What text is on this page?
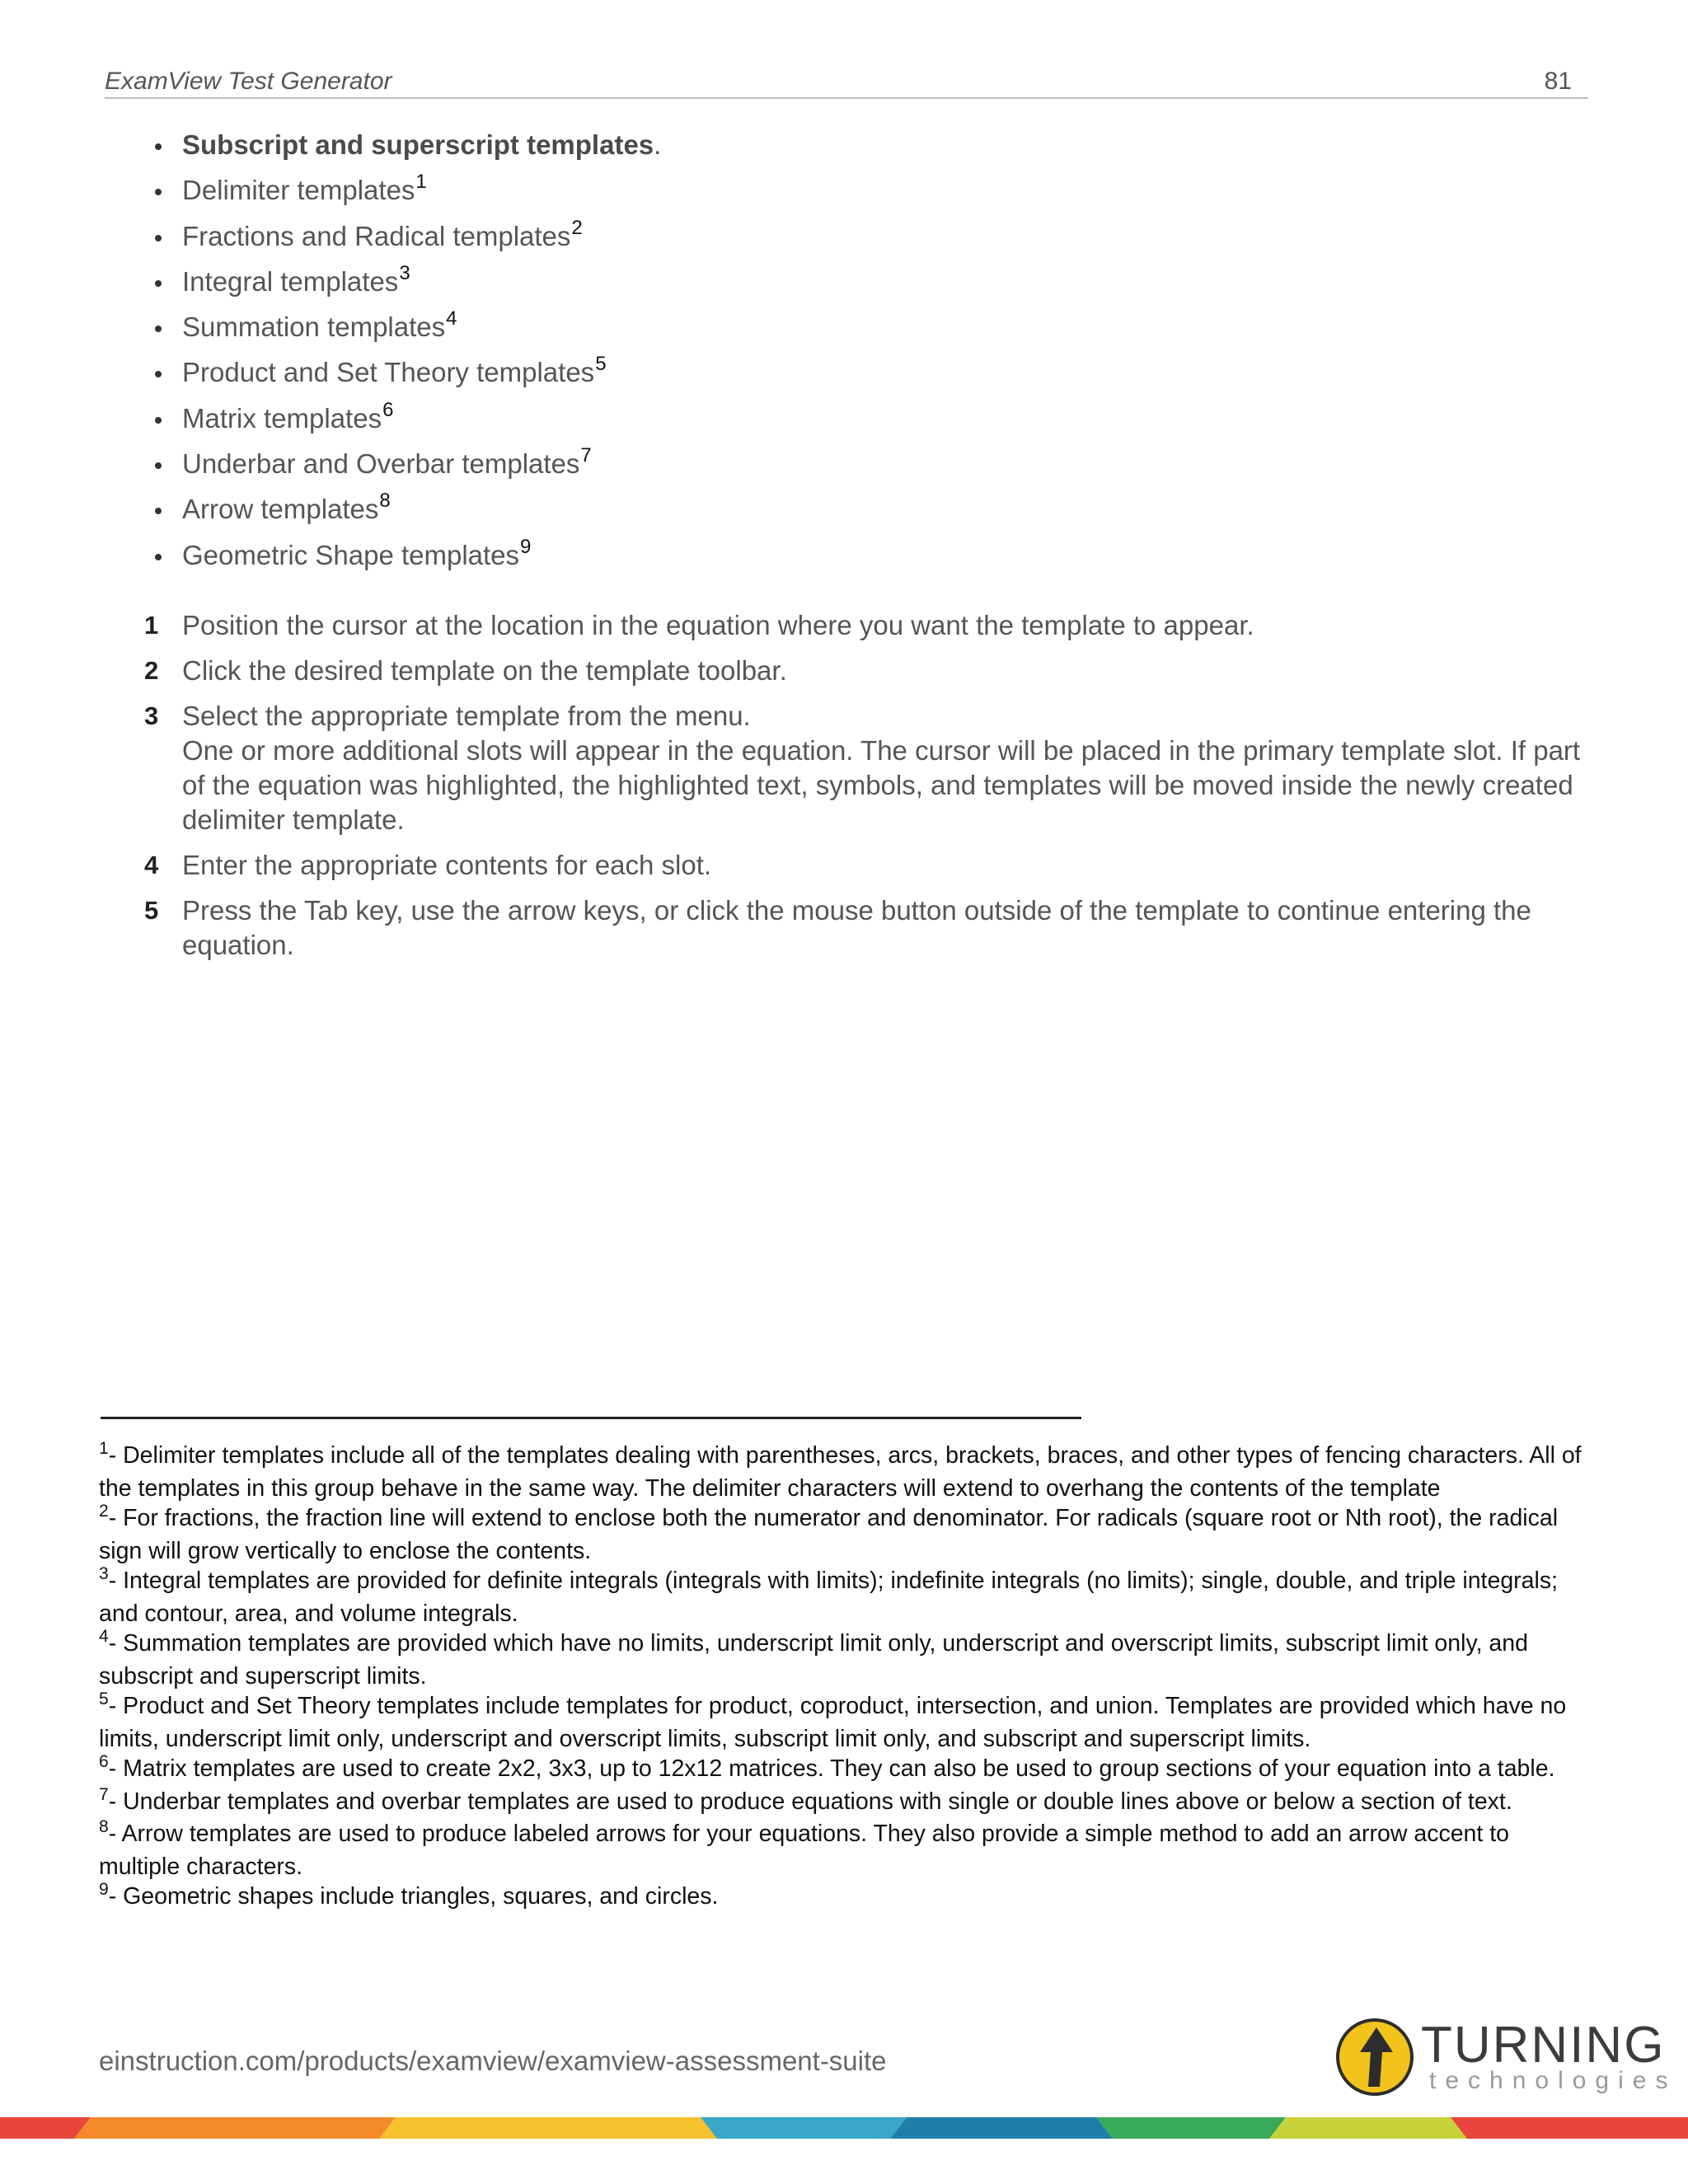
ExamView Test Generator	81
Subscript and superscript templates.
Delimiter templates$^1$
Fractions and Radical templates$^2$
Integral templates$^3$
Summation templates$^4$
Product and Set Theory templates$^5$
Matrix templates$^6$
Underbar and Overbar templates$^7$
Arrow templates$^8$
Geometric Shape templates$^9$
1 Position the cursor at the location in the equation where you want the template to appear.
2 Click the desired template on the template toolbar.
3 Select the appropriate template from the menu.
One or more additional slots will appear in the equation. The cursor will be placed in the primary template slot. If part of the equation was highlighted, the highlighted text, symbols, and templates will be moved inside the newly created delimiter template.
4 Enter the appropriate contents for each slot.
5 Press the Tab key, use the arrow keys, or click the mouse button outside of the template to continue entering the equation.
$^1$- Delimiter templates include all of the templates dealing with parentheses, arcs, brackets, braces, and other types of fencing characters. All of the templates in this group behave in the same way. The delimiter characters will extend to overhang the contents of the template
$^2$- For fractions, the fraction line will extend to enclose both the numerator and denominator. For radicals (square root or Nth root), the radical sign will grow vertically to enclose the contents.
$^3$- Integral templates are provided for definite integrals (integrals with limits); indefinite integrals (no limits); single, double, and triple integrals; and contour, area, and volume integrals.
$^4$- Summation templates are provided which have no limits, underscript limit only, underscript and overscript limits, subscript limit only, and subscript and superscript limits.
$^5$- Product and Set Theory templates include templates for product, coproduct, intersection, and union. Templates are provided which have no limits, underscript limit only, underscript and overscript limits, subscript limit only, and subscript and superscript limits.
$^6$- Matrix templates are used to create 2x2, 3x3, up to 12x12 matrices. They can also be used to group sections of your equation into a table.
$^7$- Underbar templates and overbar templates are used to produce equations with single or double lines above or below a section of text.
$^8$- Arrow templates are used to produce labeled arrows for your equations. They also provide a simple method to add an arrow accent to multiple characters.
$^9$- Geometric shapes include triangles, squares, and circles.
einstruction.com/products/examview/examview-assessment-suite	TURNING
technologies
